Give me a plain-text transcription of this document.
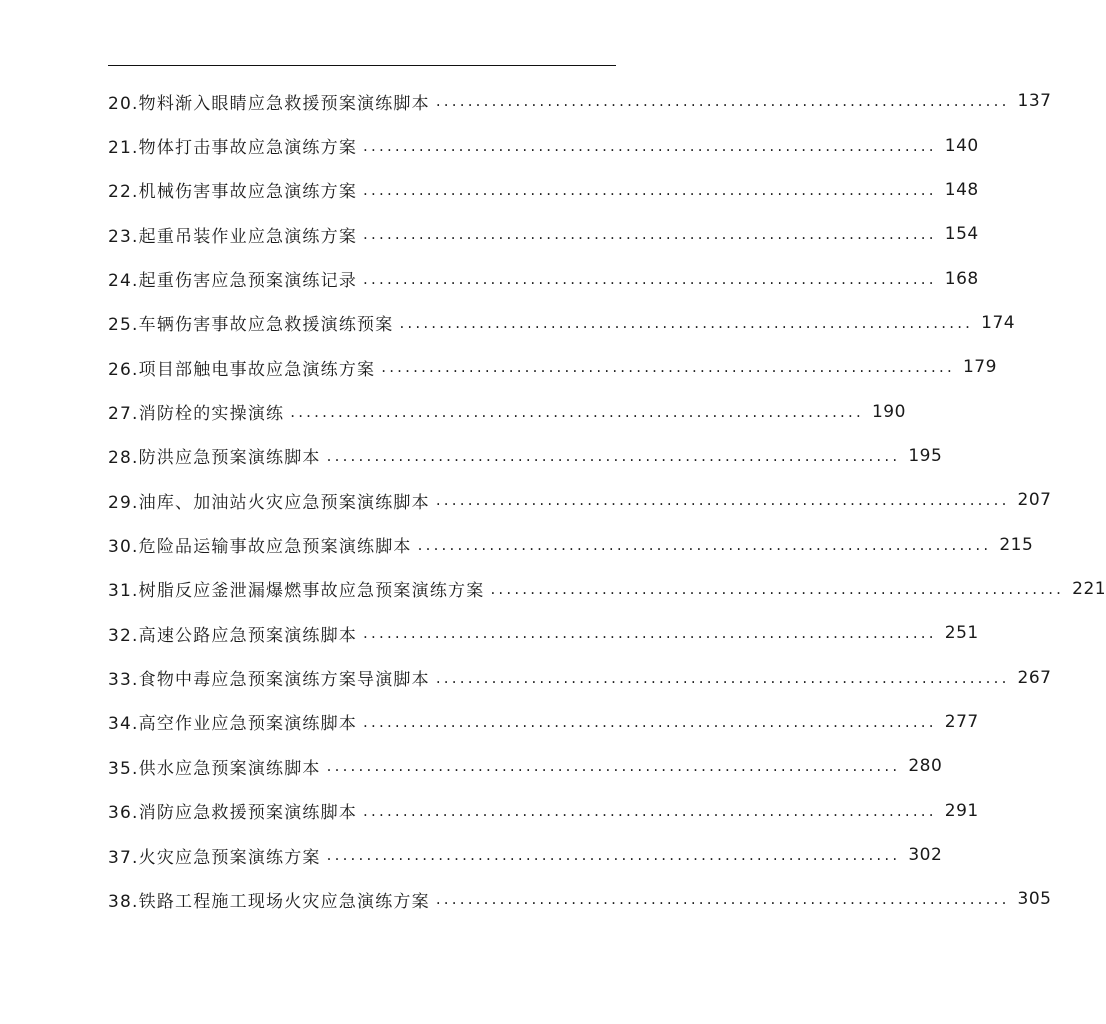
20.物料渐入眼睛应急救援预案演练脚本 ........................................................................ 137
21.物体打击事故应急演练方案 ........................................................................ 140
22.机械伤害事故应急演练方案 ........................................................................ 148
23.起重吊装作业应急演练方案 ........................................................................ 154
24.起重伤害应急预案演练记录 ........................................................................ 168
25.车辆伤害事故应急救援演练预案 ........................................................................ 174
26.项目部触电事故应急演练方案 ........................................................................ 179
27.消防栓的实操演练 ........................................................................ 190
28.防洪应急预案演练脚本 ........................................................................ 195
29.油库、加油站火灾应急预案演练脚本 ........................................................................ 207
30.危险品运输事故应急预案演练脚本 ........................................................................ 215
31.树脂反应釜泄漏爆燃事故应急预案演练方案 ........................................................................ 221
32.高速公路应急预案演练脚本 ........................................................................ 251
33.食物中毒应急预案演练方案导演脚本 ........................................................................ 267
34.高空作业应急预案演练脚本 ........................................................................ 277
35.供水应急预案演练脚本 ........................................................................ 280
36.消防应急救援预案演练脚本 ........................................................................ 291
37.火灾应急预案演练方案 ........................................................................ 302
38.铁路工程施工现场火灾应急演练方案 ........................................................................ 305
